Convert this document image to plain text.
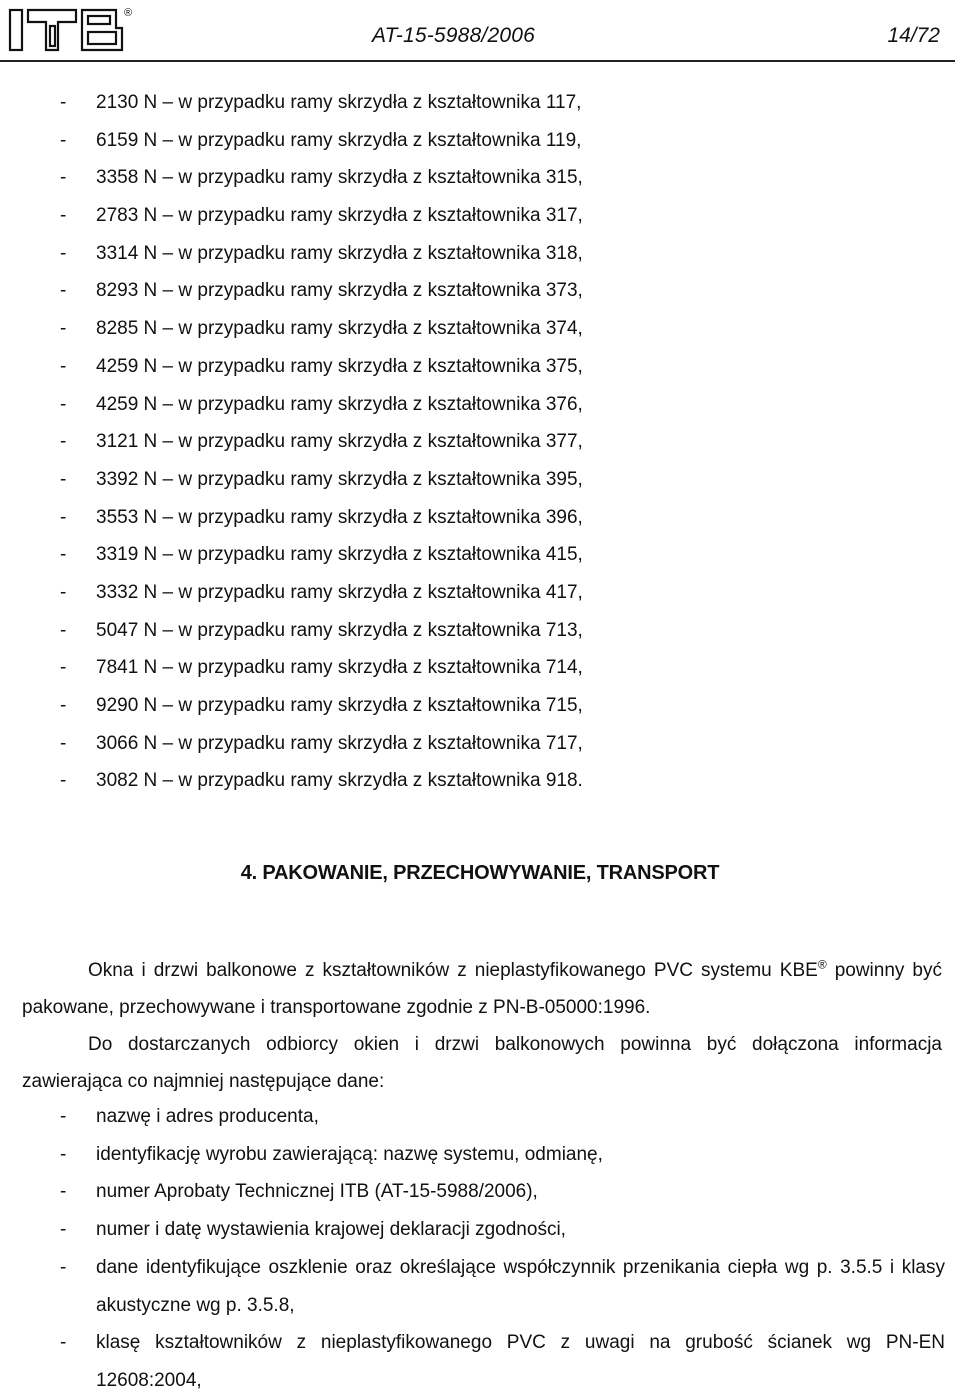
®
ITB
AT-15-5988/2006	14/72
-	2130 N – w przypadku ramy skrzydła z kształtownika 117,
-	6159 N – w przypadku ramy skrzydła z kształtownika 119,
-	3358 N – w przypadku ramy skrzydła z kształtownika 315,
-	2783 N – w przypadku ramy skrzydła z kształtownika 317,
-	3314 N – w przypadku ramy skrzydła z kształtownika 318,
-	8293 N – w przypadku ramy skrzydła z kształtownika 373,
-	8285 N – w przypadku ramy skrzydła z kształtownika 374,
-	4259 N – w przypadku ramy skrzydła z kształtownika 375,
-	4259 N – w przypadku ramy skrzydła z kształtownika 376,
-	3121 N – w przypadku ramy skrzydła z kształtownika 377,
-	3392 N – w przypadku ramy skrzydła z kształtownika 395,
-	3553 N – w przypadku ramy skrzydła z kształtownika 396,
-	3319 N – w przypadku ramy skrzydła z kształtownika 415,
-	3332 N – w przypadku ramy skrzydła z kształtownika 417,
-	5047 N – w przypadku ramy skrzydła z kształtownika 713,
-	7841 N – w przypadku ramy skrzydła z kształtownika 714,
-	9290 N – w przypadku ramy skrzydła z kształtownika 715,
-	3066 N – w przypadku ramy skrzydła z kształtownika 717,
-	3082 N – w przypadku ramy skrzydła z kształtownika 918.
4. PAKOWANIE, PRZECHOWYWANIE, TRANSPORT
Okna i drzwi balkonowe z kształtowników z nieplastyfikowanego PVC systemu KBE® powinny być pakowane, przechowywane i transportowane zgodnie z PN-B-05000:1996.
Do dostarczanych odbiorcy okien i drzwi balkonowych powinna być dołączona informacja zawierająca co najmniej następujące dane:
-	nazwę i adres producenta,
-	identyfikację wyrobu zawierającą: nazwę systemu, odmianę,
-	numer Aprobaty Technicznej ITB (AT-15-5988/2006),
-	numer i datę wystawienia krajowej deklaracji zgodności,
-	dane identyfikujące oszklenie oraz określające współczynnik przenikania ciepła wg p. 3.5.5 i klasy akustyczne wg p. 3.5.8,
-	klasę kształtowników z nieplastyfikowanego PVC z uwagi na grubość ścianek wg PN-EN 12608:2004,
